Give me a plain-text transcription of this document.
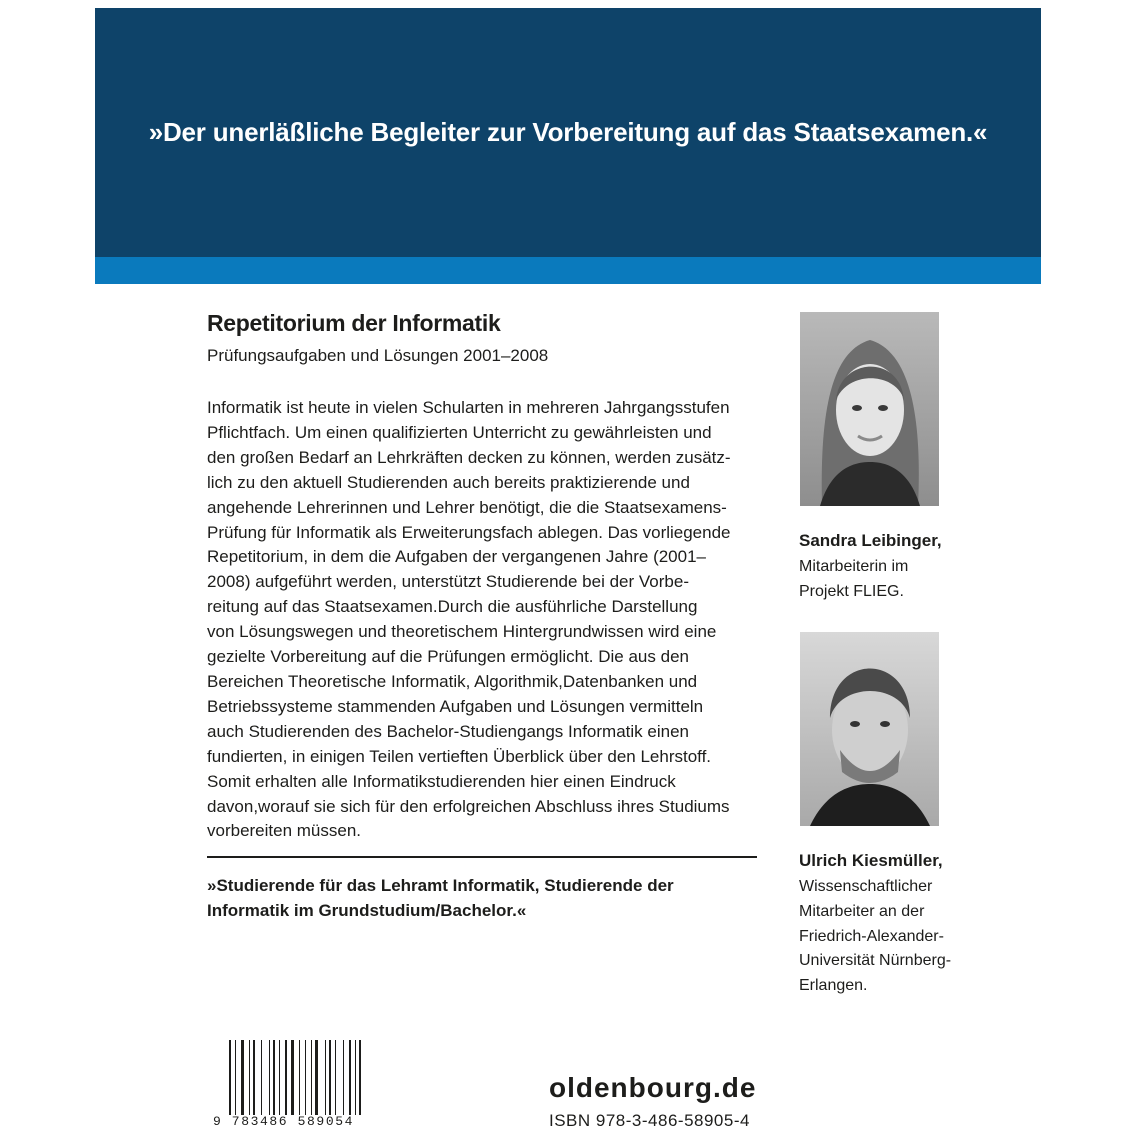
»Der unerläßliche Begleiter zur Vorbereitung auf das Staatsexamen.«
Repetitorium der Informatik
Prüfungsaufgaben und Lösungen 2001–2008

Informatik ist heute in vielen Schularten in mehreren Jahrgangsstufen
Pflichtfach. Um einen qualifizierten Unterricht zu gewährleisten und
den großen Bedarf an Lehrkräften decken zu können, werden zusätz-
lich zu den aktuell Studierenden auch bereits praktizierende und
angehende Lehrerinnen und Lehrer benötigt, die die Staatsexamens-
Prüfung für Informatik als Erweiterungsfach ablegen. Das vorliegende
Repetitorium, in dem die Aufgaben der vergangenen Jahre (2001–
2008) aufgeführt werden, unterstützt Studierende bei der Vorbe-
reitung auf das Staatsexamen.Durch die ausführliche Darstellung
von Lösungswegen und theoretischem Hintergrundwissen wird eine
gezielte Vorbereitung auf die Prüfungen ermöglicht. Die aus den
Bereichen Theoretische Informatik, Algorithmik,Datenbanken und
Betriebssysteme stammenden Aufgaben und Lösungen vermitteln
auch Studierenden des Bachelor-Studiengangs Informatik einen
fundierten, in einigen Teilen vertieften Überblick über den Lehrstoff.
Somit erhalten alle Informatikstudierenden hier einen Eindruck
davon,worauf sie sich für den erfolgreichen Abschluss ihres Studiums
vorbereiten müssen.

»Studierende für das Lehramt Informatik, Studierende der
Informatik im Grundstudium/Bachelor.«
Sandra Leibinger,
Mitarbeiterin im
Projekt FLIEG.
Ulrich Kiesmüller,
Wissenschaftlicher
Mitarbeiter an der
Friedrich-Alexander-
Universität Nürnberg-
Erlangen.
9 783486 589054
oldenbourg.de
ISBN 978-3-486-58905-4
